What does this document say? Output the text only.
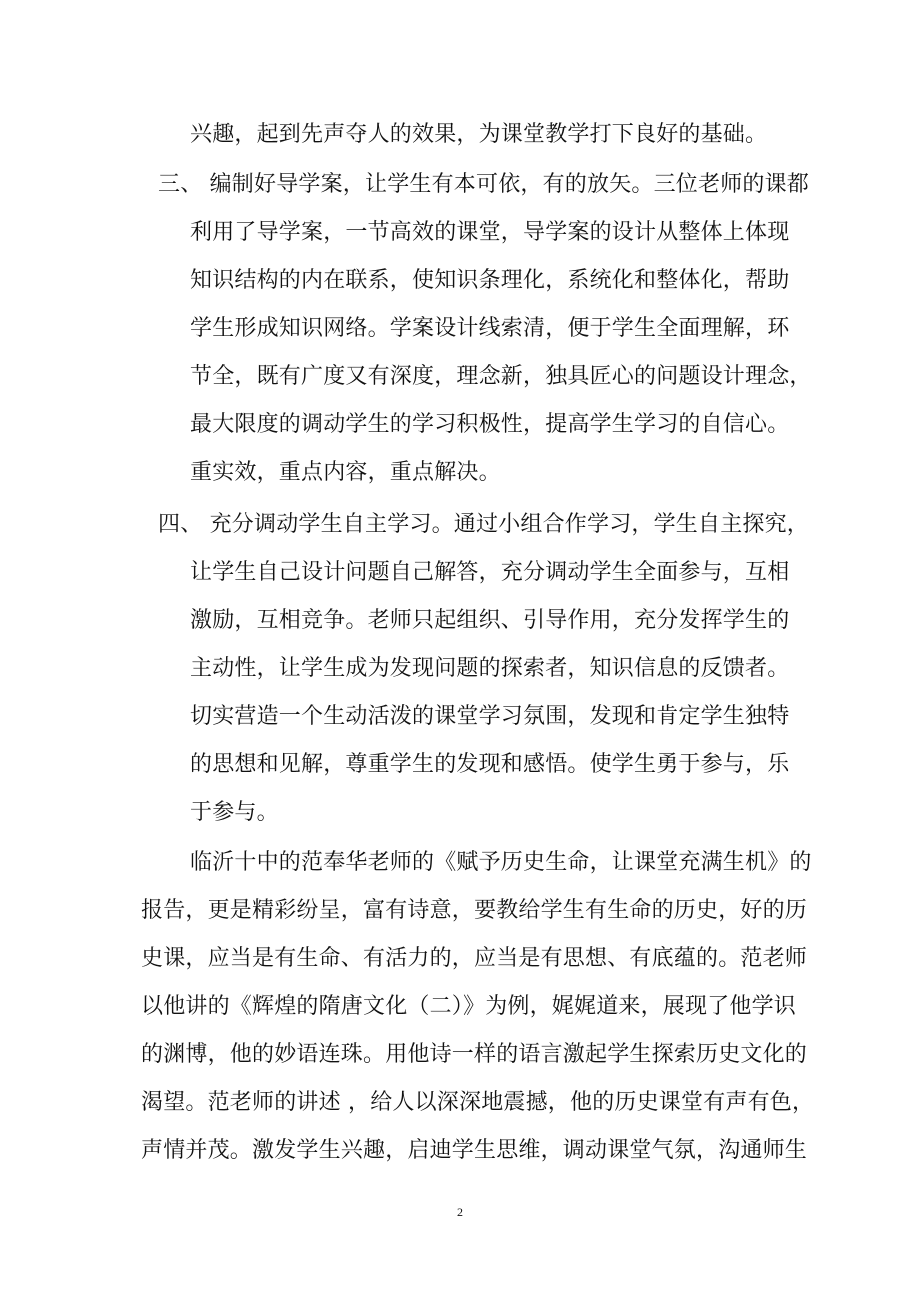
兴趣，起到先声夺人的效果，为课堂教学打下良好的基础。
三、 编制好导学案，让学生有本可依，有的放矢。三位老师的课都
利用了导学案，一节高效的课堂，导学案的设计从整体上体现
知识结构的内在联系，使知识条理化，系统化和整体化，帮助
学生形成知识网络。学案设计线索清，便于学生全面理解，环
节全，既有广度又有深度，理念新，独具匠心的问题设计理念，
最大限度的调动学生的学习积极性，提高学生学习的自信心。
重实效，重点内容，重点解决。
四、 充分调动学生自主学习。通过小组合作学习，学生自主探究，
让学生自己设计问题自己解答，充分调动学生全面参与，互相
激励，互相竞争。老师只起组织、引导作用，充分发挥学生的
主动性，让学生成为发现问题的探索者，知识信息的反馈者。
切实营造一个生动活泼的课堂学习氛围，发现和肯定学生独特
的思想和见解，尊重学生的发现和感悟。使学生勇于参与，乐
于参与。
临沂十中的范奉华老师的《赋予历史生命，让课堂充满生机》的
报告，更是精彩纷呈，富有诗意，要教给学生有生命的历史，好的历
史课，应当是有生命、有活力的，应当是有思想、有底蕴的。范老师
以他讲的《辉煌的隋唐文化（二）》为例，娓娓道来，展现了他学识
的渊博，他的妙语连珠。用他诗一样的语言激起学生探索历史文化的
渴望。范老师的讲述 ，给人以深深地震撼，他的历史课堂有声有色，
声情并茂。激发学生兴趣，启迪学生思维，调动课堂气氛，沟通师生
2
